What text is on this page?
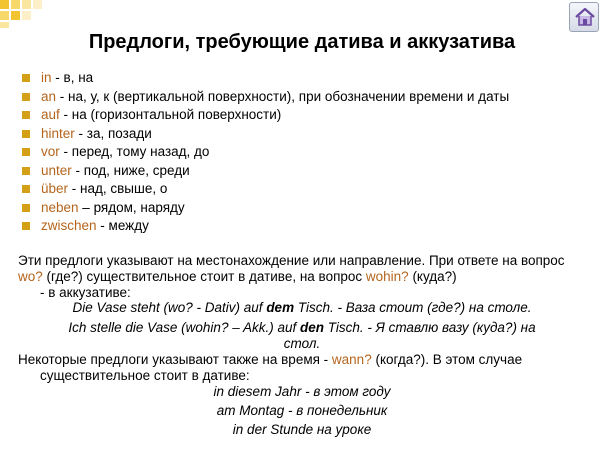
Предлоги, требующие датива и аккузатива
in - в, на
an - на, у, к (вертикальной поверхности), при обозначении времени и даты
auf - на (горизонтальной поверхности)
hinter - за, позади
vor - перед, тому назад, до
unter - под, ниже, среди
über - над, свыше, о
neben – рядом, наряду
zwischen - между

Эти предлоги указывают на местонахождение или направление. При ответе на вопрос wo? (где?) существительное стоит в дативе, на вопрос wohin? (куда?)
- в аккузативе:

Die Vase steht (wo? - Dativ) auf dem Tisch. - Ваза стоит (где?) на столе.

Ich stelle die Vase (wohin? – Akk.) auf den Tisch. - Я ставлю вазу (куда?) на
стол.

Некоторые предлоги указывают также на время - wann? (когда?). В этом случае
существительное стоит в дативе:

in diesem Jahr - в этом году

am Montag - в понедельник

in der Stunde на уроке
